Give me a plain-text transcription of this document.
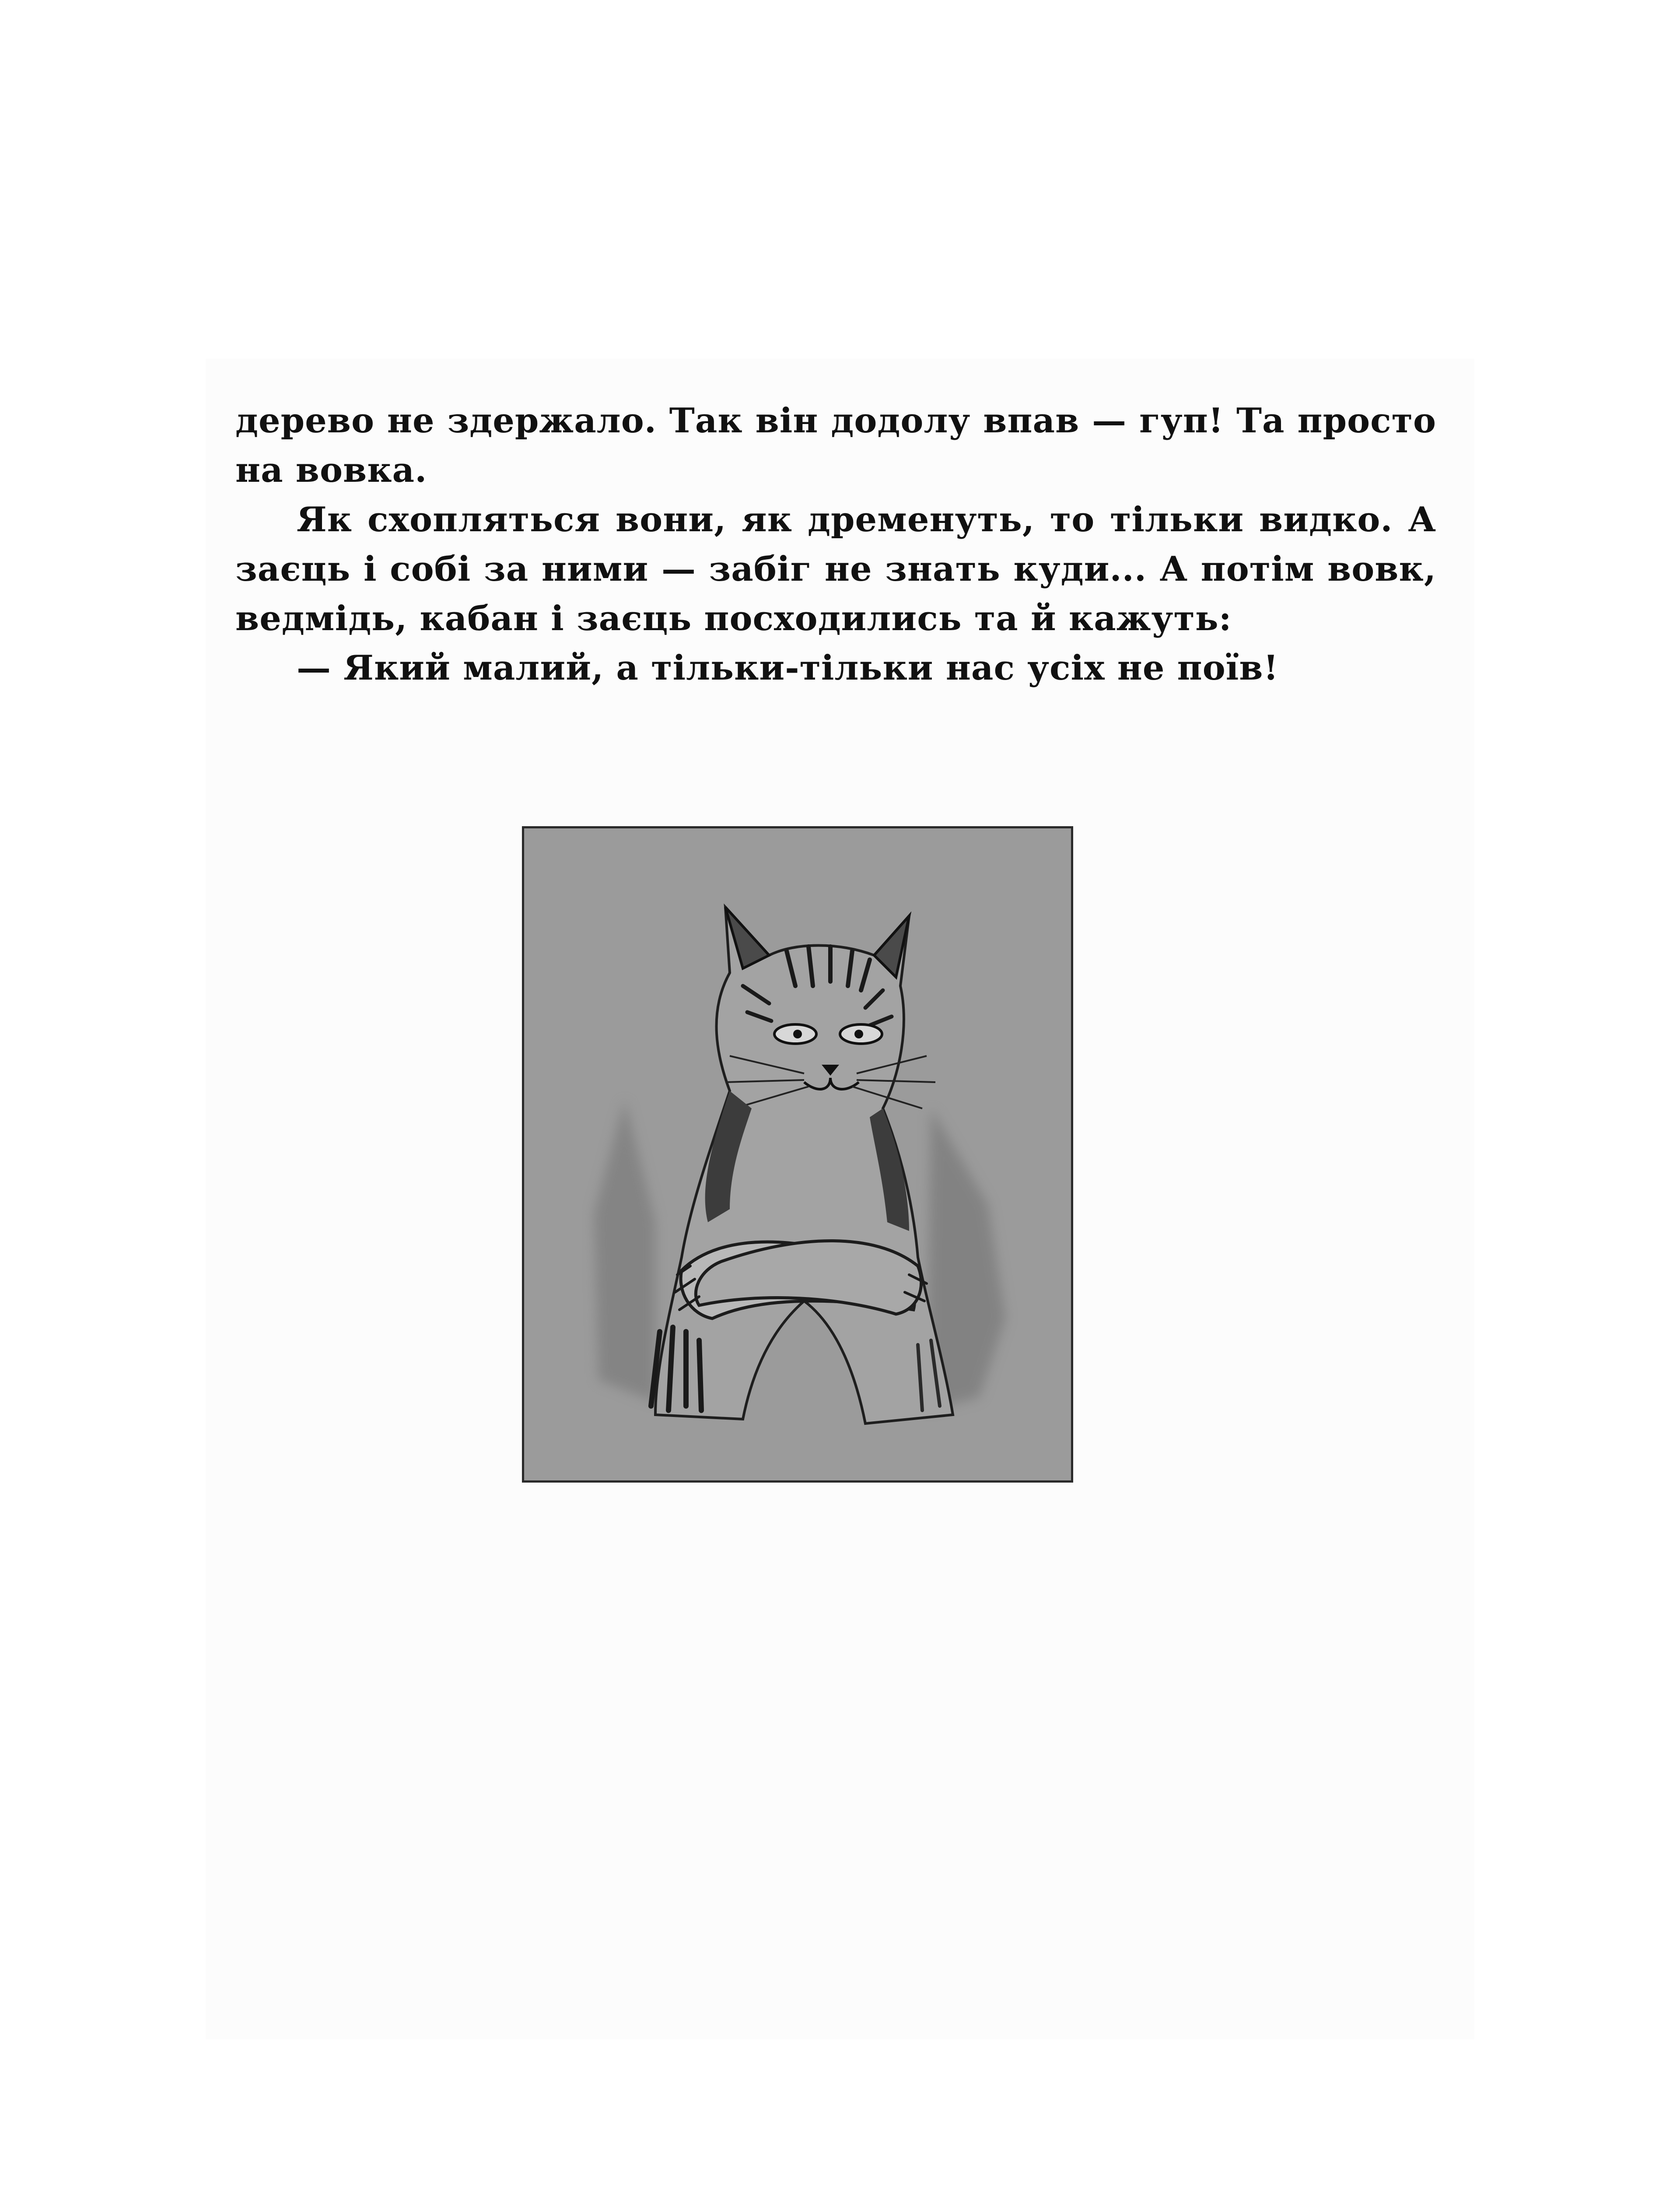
дерево не здержало. Так він додолу впав — гуп! Та просто на вовка.

Як схопляться вони, як дременуть, то тільки видко. А заєць і собі за ними — забіг не знать куди... А потім вовк, ведмідь, кабан і заєць посходились та й кажуть:

— Який малий, а тільки-тільки нас усіх не поїв!
